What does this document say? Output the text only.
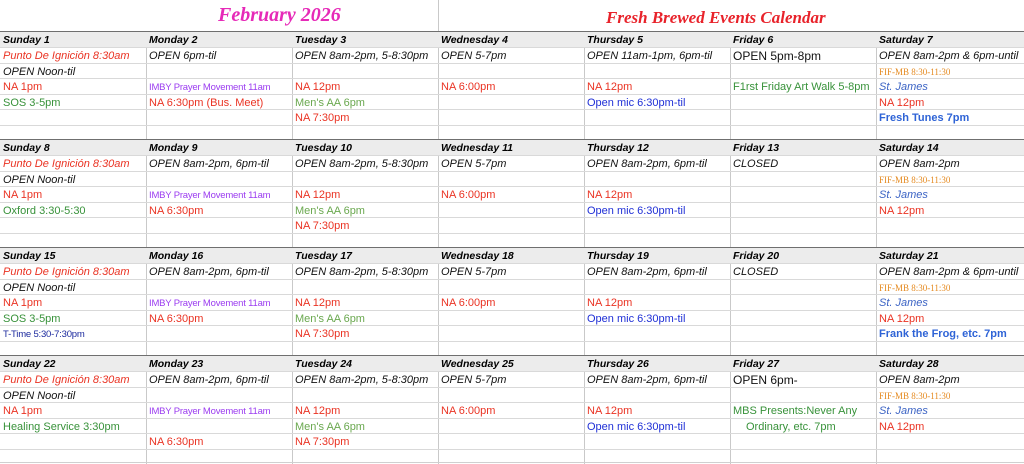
February 2026	Fresh Brewed Events Calendar
Sunday 1
Punto De Ignición 8:30am
OPEN Noon-til
NA 1pm
SOS 3-5pm
Monday 2
OPEN 6pm-til
IMBY Prayer Movement 11am
NA 6:30pm (Bus. Meet)
Tuesday 3
OPEN 8am-2pm, 5-8:30pm
NA 12pm
Men's AA 6pm
NA 7:30pm
Wednesday 4
OPEN 5-7pm
NA 6:00pm
Thursday 5
OPEN 11am-1pm, 6pm-til
NA 12pm
Open mic 6:30pm-til
Friday 6
OPEN 5pm-8pm
F1rst Friday Art Walk 5-8pm
Saturday 7
OPEN 8am-2pm & 6pm-until
FIF-MB 8:30-11:30
St. James
NA 12pm
Fresh Tunes 7pm
Sunday 8
Punto De Ignición 8:30am
OPEN Noon-til
NA 1pm
Oxford 3:30-5:30
Monday 9
OPEN 8am-2pm, 6pm-til
IMBY Prayer Movement 11am
NA 6:30pm
Tuesday 10
OPEN 8am-2pm, 5-8:30pm
NA 12pm
Men's AA 6pm
NA 7:30pm
Wednesday 11
OPEN 5-7pm
NA 6:00pm
Thursday 12
OPEN 8am-2pm, 6pm-til
NA 12pm
Open mic 6:30pm-til
Friday 13
CLOSED
Saturday 14
OPEN 8am-2pm
FIF-MB 8:30-11:30
St. James
NA 12pm
Sunday 15
Punto De Ignición 8:30am
OPEN Noon-til
NA 1pm
SOS 3-5pm
T-Time 5:30-7:30pm
Monday 16
OPEN 8am-2pm, 6pm-til
IMBY Prayer Movement 11am
NA 6:30pm
Tuesday 17
OPEN 8am-2pm, 5-8:30pm
NA 12pm
Men's AA 6pm
NA 7:30pm
Wednesday 18
OPEN 5-7pm
NA 6:00pm
Thursday 19
OPEN 8am-2pm, 6pm-til
NA 12pm
Open mic 6:30pm-til
Friday 20
CLOSED
Saturday 21
OPEN 8am-2pm & 6pm-until
FIF-MB 8:30-11:30
St. James
NA 12pm
Frank the Frog, etc. 7pm
Sunday 22
Punto De Ignición 8:30am
OPEN Noon-til
NA 1pm
Healing Service 3:30pm
Monday 23
OPEN 8am-2pm, 6pm-til
IMBY Prayer Movement 11am
NA 6:30pm
Tuesday 24
OPEN 8am-2pm, 5-8:30pm
NA 12pm
Men's AA 6pm
NA 7:30pm
Wednesday 25
OPEN 5-7pm
NA 6:00pm
Thursday 26
OPEN 8am-2pm, 6pm-til
NA 12pm
Open mic 6:30pm-til
Friday 27
OPEN 6pm-
MBS Presents:Never Any
Ordinary, etc. 7pm
Saturday 28
OPEN 8am-2pm
FIF-MB 8:30-11:30
St. James
NA 12pm
